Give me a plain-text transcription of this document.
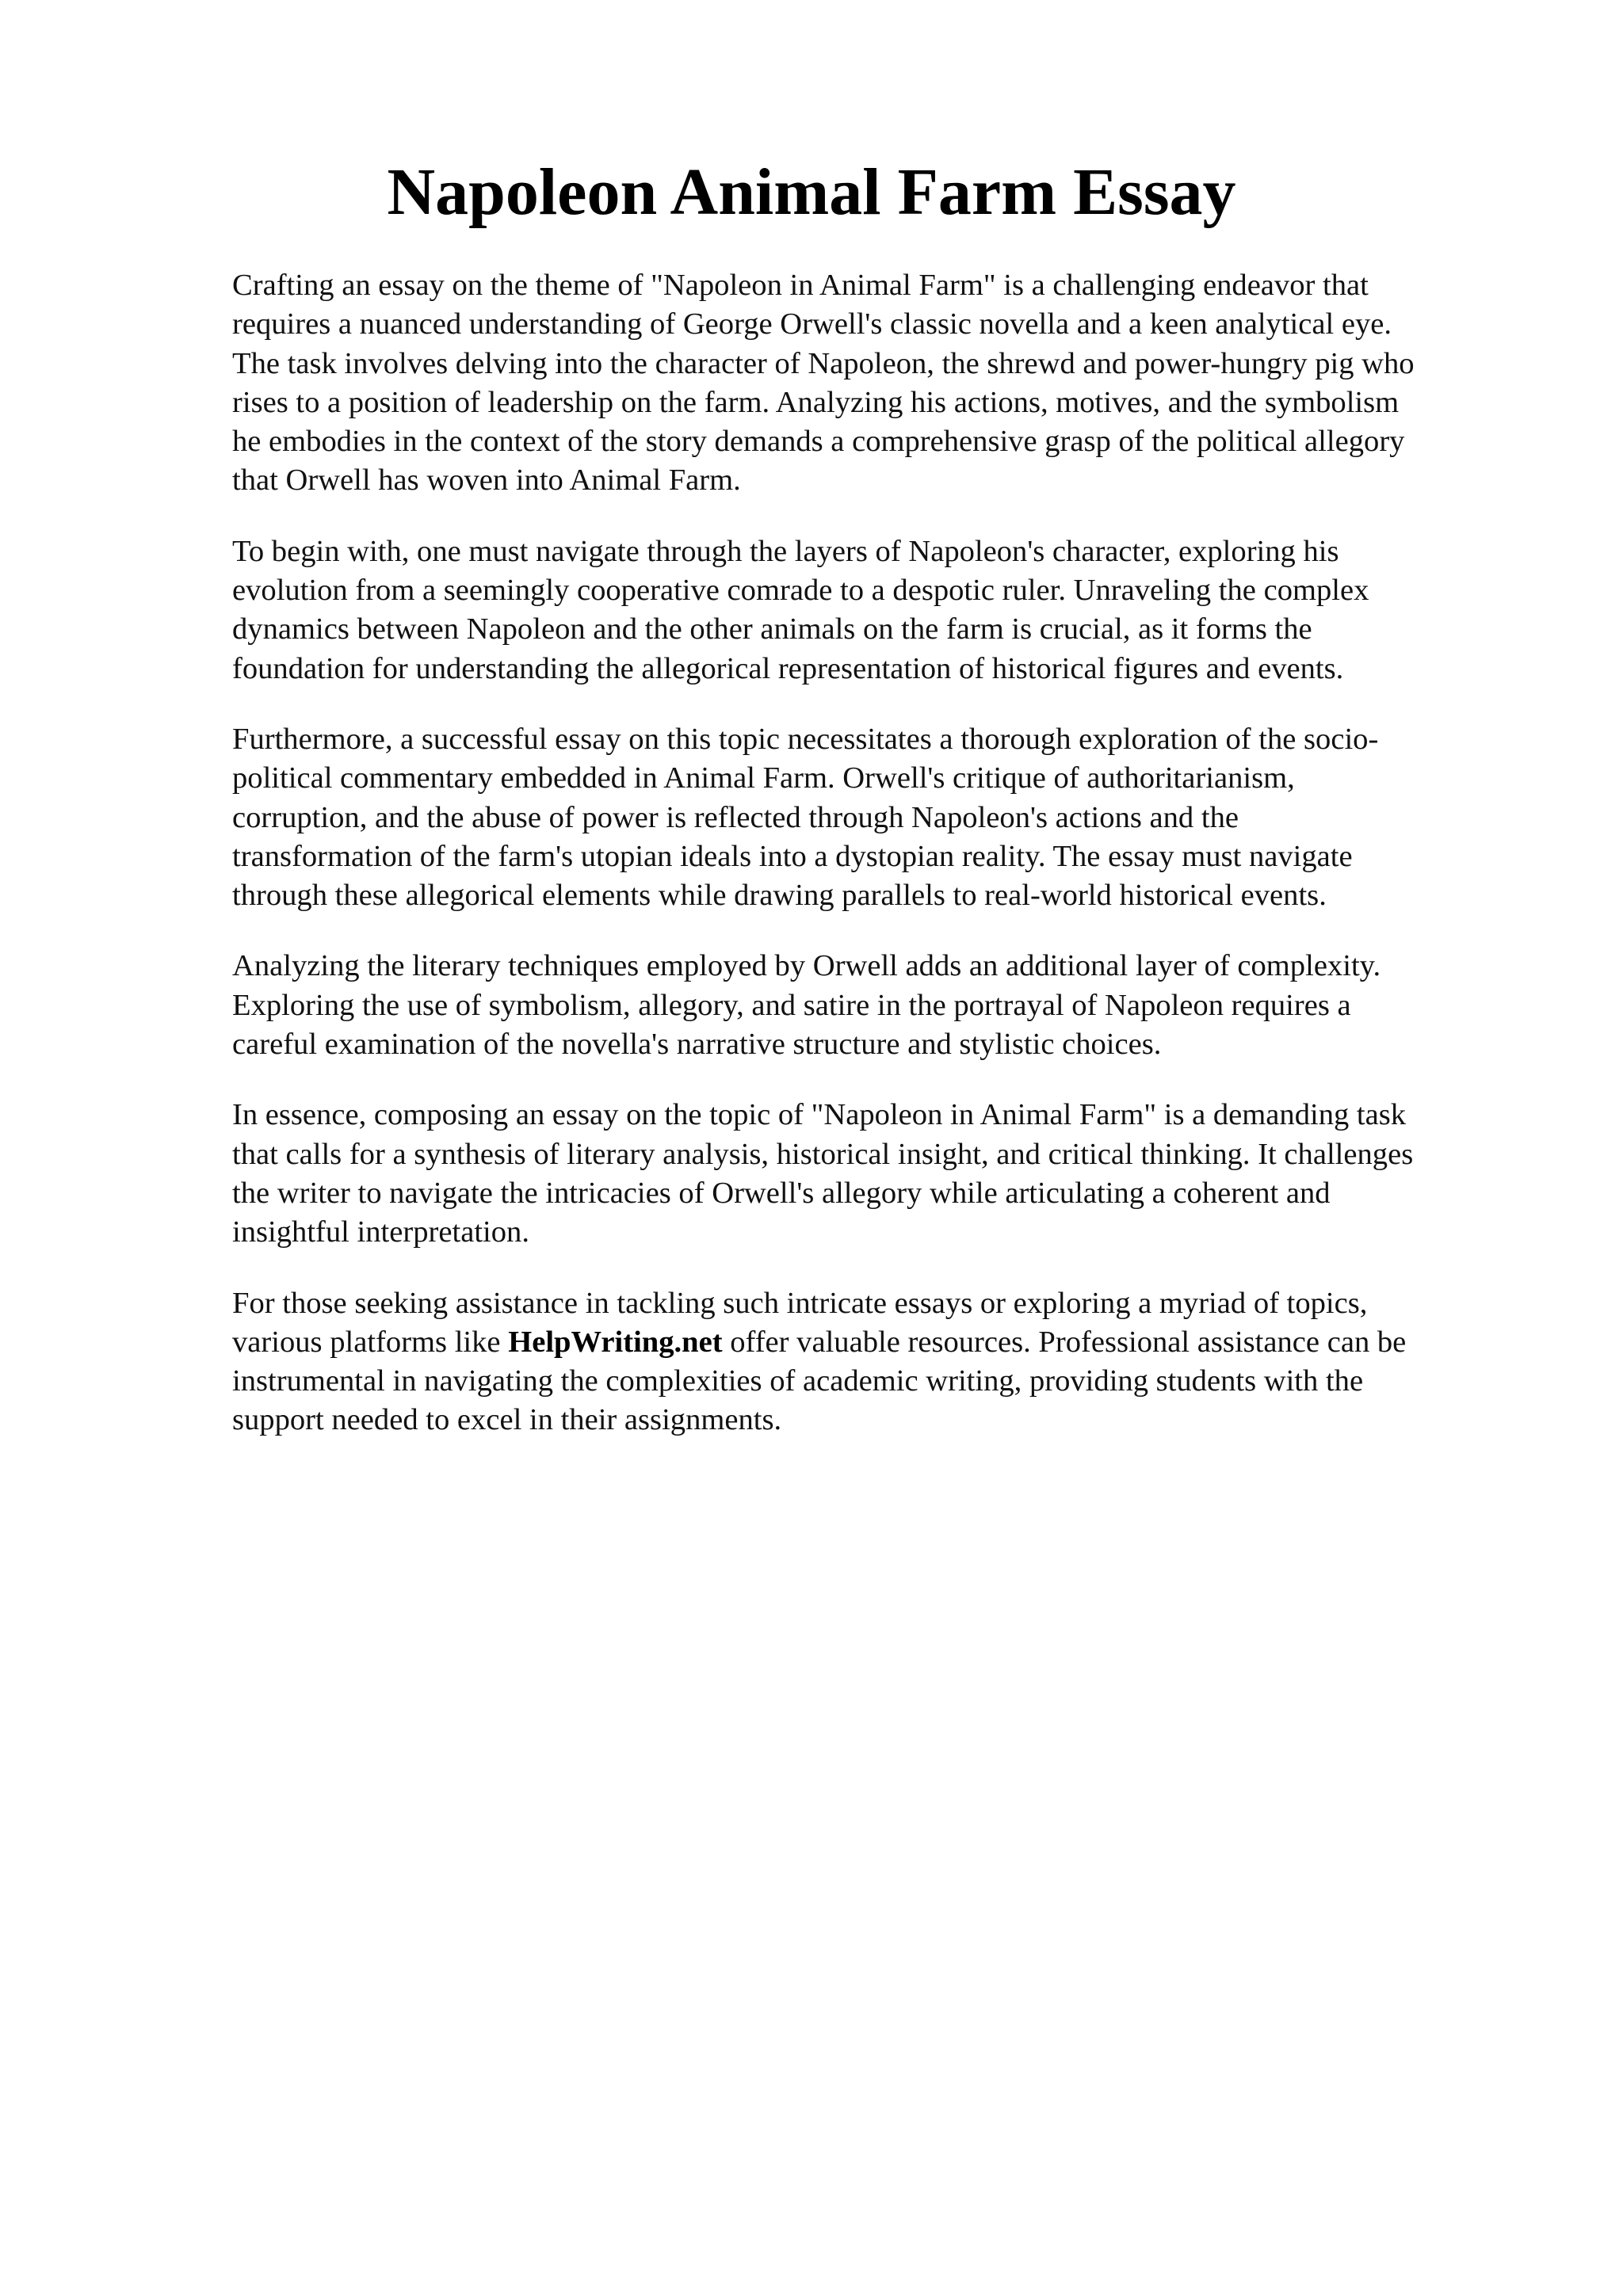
Napoleon Animal Farm Essay

Crafting an essay on the theme of "Napoleon in Animal Farm" is a challenging endeavor that
requires a nuanced understanding of George Orwell's classic novella and a keen analytical eye.
The task involves delving into the character of Napoleon, the shrewd and power-hungry pig who
rises to a position of leadership on the farm. Analyzing his actions, motives, and the symbolism
he embodies in the context of the story demands a comprehensive grasp of the political allegory
that Orwell has woven into Animal Farm.

To begin with, one must navigate through the layers of Napoleon's character, exploring his
evolution from a seemingly cooperative comrade to a despotic ruler. Unraveling the complex
dynamics between Napoleon and the other animals on the farm is crucial, as it forms the
foundation for understanding the allegorical representation of historical figures and events.

Furthermore, a successful essay on this topic necessitates a thorough exploration of the socio-
political commentary embedded in Animal Farm. Orwell's critique of authoritarianism,
corruption, and the abuse of power is reflected through Napoleon's actions and the
transformation of the farm's utopian ideals into a dystopian reality. The essay must navigate
through these allegorical elements while drawing parallels to real-world historical events.

Analyzing the literary techniques employed by Orwell adds an additional layer of complexity.
Exploring the use of symbolism, allegory, and satire in the portrayal of Napoleon requires a
careful examination of the novella's narrative structure and stylistic choices.

In essence, composing an essay on the topic of "Napoleon in Animal Farm" is a demanding task
that calls for a synthesis of literary analysis, historical insight, and critical thinking. It challenges
the writer to navigate the intricacies of Orwell's allegory while articulating a coherent and
insightful interpretation.

For those seeking assistance in tackling such intricate essays or exploring a myriad of topics,
various platforms like HelpWriting.net offer valuable resources. Professional assistance can be
instrumental in navigating the complexities of academic writing, providing students with the
support needed to excel in their assignments.
